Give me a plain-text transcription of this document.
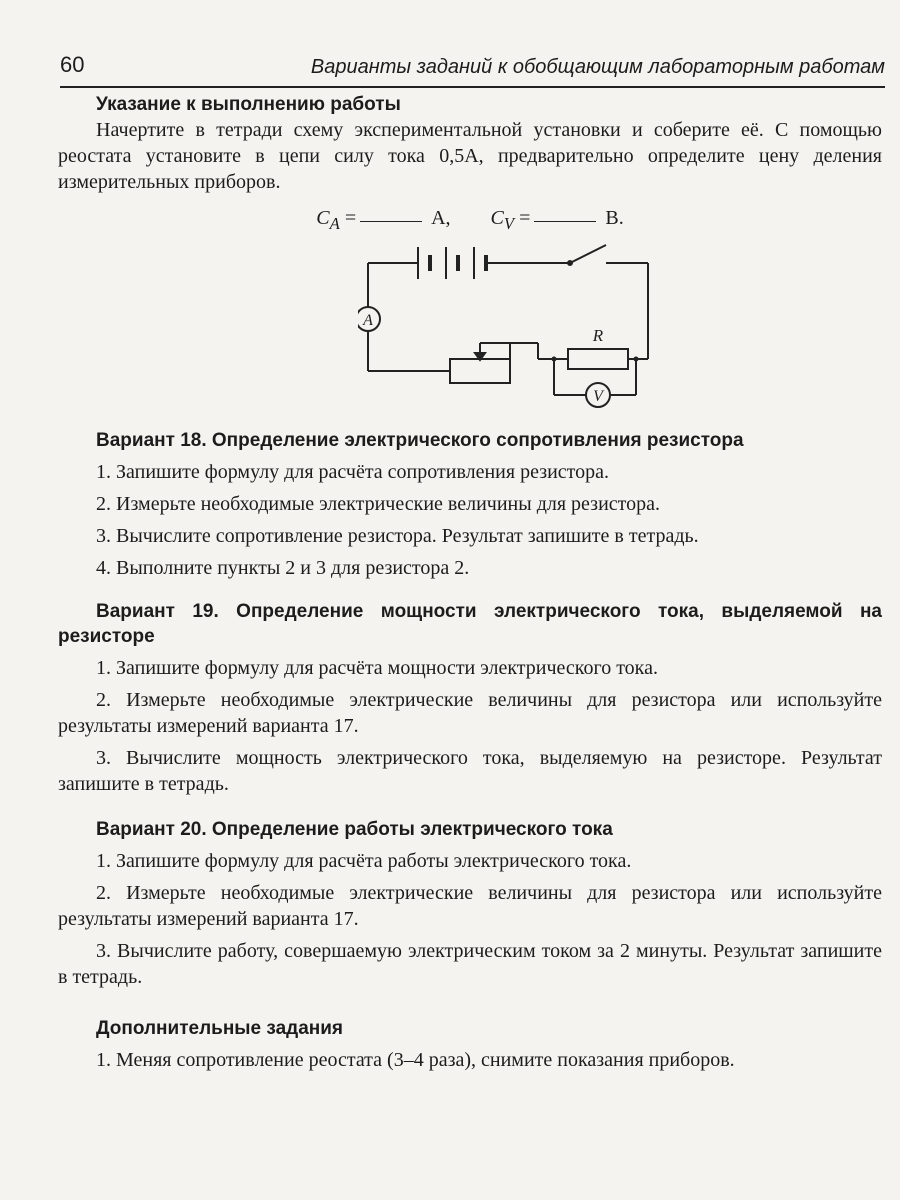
60	Варианты заданий к обобщающим лабораторным работам
Указание к выполнению работы

Начертите в тетради схему экспериментальной установки и соберите её. С помощью реостата установите в цепи силу тока 0,5A, предварительно определите цену деления измерительных приборов.

$C_A$ =	А, $C_V$ =	В.
A
V
R
Вариант 18. Определение электрического сопротивления резистора

1. Запишите формулу для расчёта сопротивления резистора.

2. Измерьте необходимые электрические величины для резистора.

3. Вычислите сопротивление резистора. Результат запишите в тетрадь.

4. Выполните пункты 2 и 3 для резистора 2.

Вариант 19. Определение мощности электрического тока, выделяемой на резисторе

1. Запишите формулу для расчёта мощности электрического тока.

2. Измерьте необходимые электрические величины для резистора или используйте результаты измерений варианта 17.

3. Вычислите мощность электрического тока, выделяемую на резисторе. Результат запишите в тетрадь.

Вариант 20. Определение работы электрического тока

1. Запишите формулу для расчёта работы электрического тока.

2. Измерьте необходимые электрические величины для резистора или используйте результаты измерений варианта 17.

3. Вычислите работу, совершаемую электрическим током за 2 минуты. Результат запишите в тетрадь.

Дополнительные задания

1. Меняя сопротивление реостата (3–4 раза), снимите показания приборов.
